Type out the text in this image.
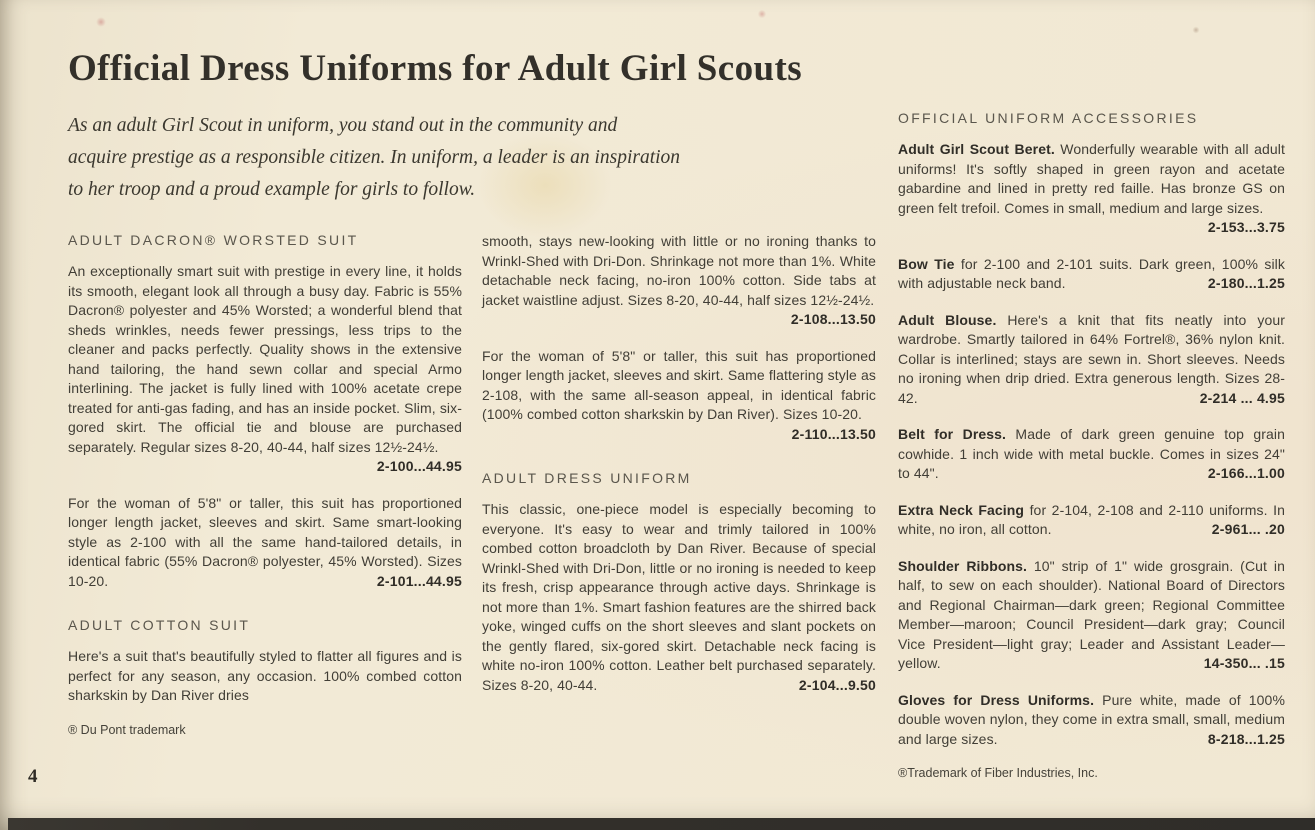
Official Dress Uniforms for Adult Girl Scouts
As an adult Girl Scout in uniform, you stand out in the community and
acquire prestige as a responsible citizen. In uniform, a leader is an inspiration
to her troop and a proud example for girls to follow.
ADULT DACRON® WORSTED SUIT

An exceptionally smart suit with prestige in every line, it holds its smooth, elegant look all through a busy day. Fabric is 55% Dacron® polyester and 45% Worsted; a wonderful blend that sheds wrinkles, needs fewer pressings, less trips to the cleaner and packs perfectly. Quality shows in the extensive hand tailoring, the hand sewn collar and special Armo interlining. The jacket is fully lined with 100% acetate crepe treated for anti-gas fading, and has an inside pocket. Slim, six-gored skirt. The official tie and blouse are purchased separately. Regular sizes 8-20, 40-44, half sizes 12½-24½.
2-100...44.95

For the woman of 5'8" or taller, this suit has proportioned longer length jacket, sleeves and skirt. Same smart-looking style as 2-100 with all the same hand-tailored details, in identical fabric (55% Dacron® polyester, 45% Worsted). Sizes 10-20.	2-101...44.95

ADULT COTTON SUIT

Here's a suit that's beautifully styled to flatter all figures and is perfect for any season, any occasion. 100% combed cotton sharkskin by Dan River dries

® Du Pont trademark

smooth, stays new-looking with little or no ironing thanks to Wrinkl-Shed with Dri-Don. Shrinkage not more than 1%. White detachable neck facing, no-iron 100% cotton. Side tabs at jacket waistline adjust. Sizes 8-20, 40-44, half sizes 12½-24½.
2-108...13.50

For the woman of 5'8" or taller, this suit has proportioned longer length jacket, sleeves and skirt. Same flattering style as 2-108, with the same all-season appeal, in identical fabric (100% combed cotton sharkskin by Dan River). Sizes 10-20.
2-110...13.50

ADULT DRESS UNIFORM

This classic, one-piece model is especially becoming to everyone. It's easy to wear and trimly tailored in 100% combed cotton broadcloth by Dan River. Because of special Wrinkl-Shed with Dri-Don, little or no ironing is needed to keep its fresh, crisp appearance through active days. Shrinkage is not more than 1%. Smart fashion features are the shirred back yoke, winged cuffs on the short sleeves and slant pockets on the gently flared, six-gored skirt. Detachable neck facing is white no-iron 100% cotton. Leather belt purchased separately. Sizes 8-20, 40-44.	2-104...9.50

OFFICIAL UNIFORM ACCESSORIES

Adult Girl Scout Beret. Wonderfully wearable with all adult uniforms! It's softly shaped in green rayon and acetate gabardine and lined in pretty red faille. Has bronze GS on green felt trefoil. Comes in small, medium and large sizes.
2-153...3.75

Bow Tie for 2-100 and 2-101 suits. Dark green, 100% silk with adjustable neck band.	2-180...1.25

Adult Blouse. Here's a knit that fits neatly into your wardrobe. Smartly tailored in 64% Fortrel®, 36% nylon knit. Collar is interlined; stays are sewn in. Short sleeves. Needs no ironing when drip dried. Extra generous length. Sizes 28-42.	2-214 ... 4.95

Belt for Dress. Made of dark green genuine top grain cowhide. 1 inch wide with metal buckle. Comes in sizes 24" to 44".	2-166...1.00

Extra Neck Facing for 2-104, 2-108 and 2-110 uniforms. In white, no iron, all cotton.	2-961... .20

Shoulder Ribbons. 10" strip of 1" wide grosgrain. (Cut in half, to sew on each shoulder). National Board of Directors and Regional Chairman—dark green; Regional Committee Member—maroon; Council President—dark gray; Council Vice President—light gray; Leader and Assistant Leader—yellow.	14-350... .15

Gloves for Dress Uniforms. Pure white, made of 100% double woven nylon, they come in extra small, small, medium and large sizes.	8-218...1.25

®Trademark of Fiber Industries, Inc.
4
